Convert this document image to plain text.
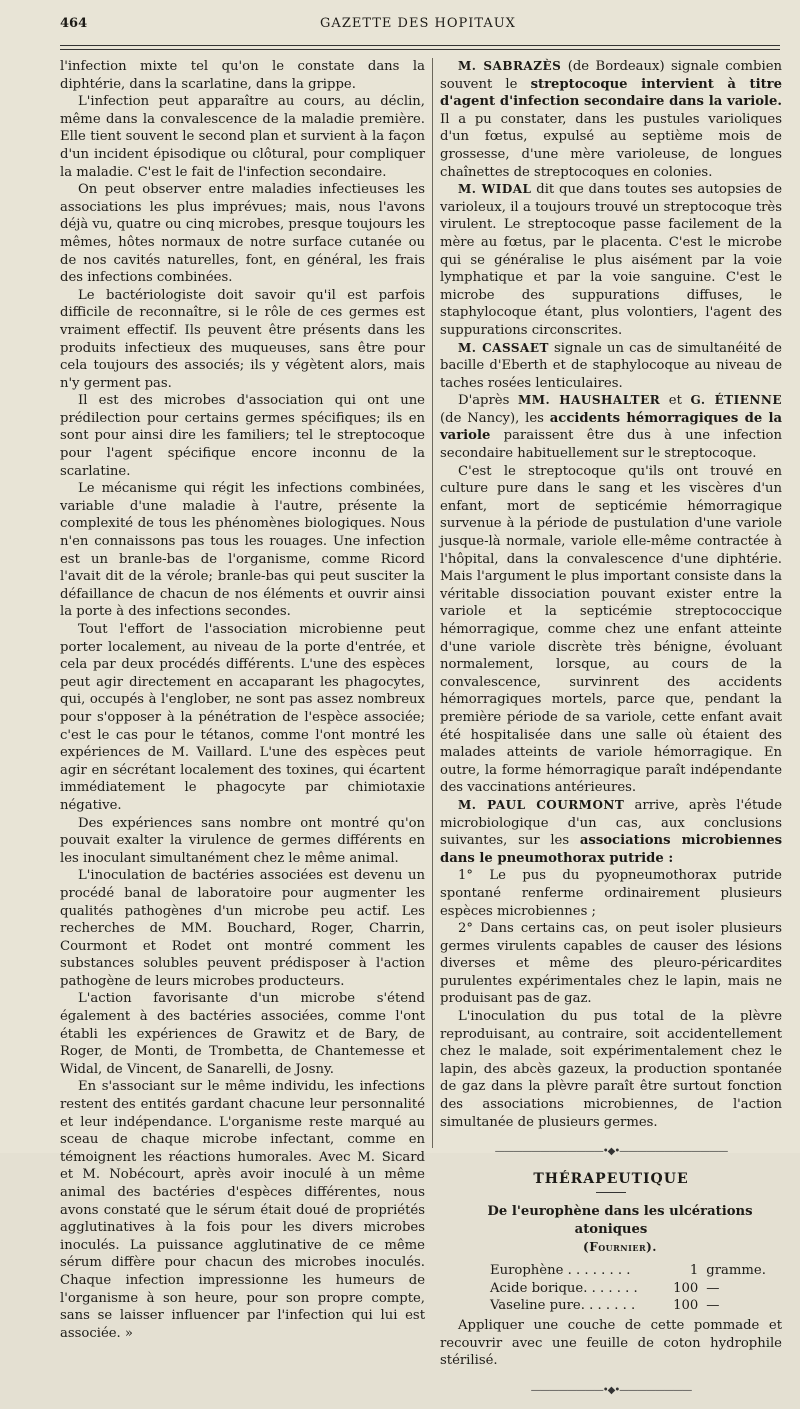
464	GAZETTE DES HOPITAUX

l'infection mixte tel qu'on le constate dans la diphtérie, dans la scarlatine, dans la grippe.

L'infection peut apparaître au cours, au déclin, même dans la convalescence de la maladie première. Elle tient souvent le second plan et survient à la façon d'un incident épisodique ou clôtural, pour compliquer la maladie. C'est le fait de l'infection secondaire.

On peut observer entre maladies infectieuses les associations les plus imprévues; mais, nous l'avons déjà vu, quatre ou cinq microbes, presque toujours les mêmes, hôtes normaux de notre surface cutanée ou de nos cavités naturelles, font, en général, les frais des infections combinées.

Le bactériologiste doit savoir qu'il est parfois difficile de reconnaître, si le rôle de ces germes est vraiment effectif. Ils peuvent être présents dans les produits infectieux des muqueuses, sans être pour cela toujours des associés; ils y végètent alors, mais n'y germent pas.

Il est des microbes d'association qui ont une prédilection pour certains germes spécifiques; ils en sont pour ainsi dire les familiers; tel le streptocoque pour l'agent spécifique encore inconnu de la scarlatine.

Le mécanisme qui régit les infections combinées, variable d'une maladie à l'autre, présente la complexité de tous les phénomènes biologiques. Nous n'en connaissons pas tous les rouages. Une infection est un branle-bas de l'organisme, comme Ricord l'avait dit de la vérole; branle-bas qui peut susciter la défaillance de chacun de nos éléments et ouvrir ainsi la porte à des infections secondes.

Tout l'effort de l'association microbienne peut porter localement, au niveau de la porte d'entrée, et cela par deux procédés différents. L'une des espèces peut agir directement en accaparant les phagocytes, qui, occupés à l'englober, ne sont pas assez nombreux pour s'opposer à la pénétration de l'espèce associée; c'est le cas pour le tétanos, comme l'ont montré les expériences de M. Vaillard. L'une des espèces peut agir en sécrétant localement des toxines, qui écartent immédiatement le phagocyte par chimiotaxie négative.

Des expériences sans nombre ont montré qu'on pouvait exalter la virulence de germes différents en les inoculant simultanément chez le même animal.

L'inoculation de bactéries associées est devenu un procédé banal de laboratoire pour augmenter les qualités pathogènes d'un microbe peu actif. Les recherches de MM. Bouchard, Roger, Charrin, Courmont et Rodet ont montré comment les substances solubles peuvent prédisposer à l'action pathogène de leurs microbes producteurs.

L'action favorisante d'un microbe s'étend également à des bactéries associées, comme l'ont établi les expériences de Grawitz et de Bary, de Roger, de Monti, de Trombetta, de Chantemesse et Widal, de Vincent, de Sanarelli, de Josny.

En s'associant sur le même individu, les infections restent des entités gardant chacune leur personnalité et leur indépendance. L'organisme reste marqué au sceau de chaque microbe infectant, comme en témoignent les réactions humorales. Avec M. Sicard et M. Nobécourt, après avoir inoculé à un même animal des bactéries d'espèces différentes, nous avons constaté que le sérum était doué de propriétés agglutinatives à la fois pour les divers microbes inoculés. La puissance agglutinative de ce même sérum diffère pour chacun des microbes inoculés. Chaque infection impressionne les humeurs de l'organisme à son heure, pour son propre compte, sans se laisser influencer par l'infection qui lui est associée. »

M. SABRAZÈS (de Bordeaux) signale combien souvent le streptocoque intervient à titre d'agent d'infection secondaire dans la variole. Il a pu constater, dans les pustules varioliques d'un fœtus, expulsé au septième mois de grossesse, d'une mère varioleuse, de longues chaînettes de streptocoques en colonies.

M. WIDAL dit que dans toutes ses autopsies de varioleux, il a toujours trouvé un streptocoque très virulent. Le streptocoque passe facilement de la mère au fœtus, par le placenta. C'est le microbe qui se généralise le plus aisément par la voie lymphatique et par la voie sanguine. C'est le microbe des suppurations diffuses, le staphylocoque étant, plus volontiers, l'agent des suppurations circonscrites.

M. CASSAET signale un cas de simultanéité de bacille d'Eberth et de staphylocoque au niveau de taches rosées lenticulaires.

D'après MM. HAUSHALTER et G. ÉTIENNE (de Nancy), les accidents hémorragiques de la variole paraissent être dus à une infection secondaire habituellement sur le streptocoque.

C'est le streptocoque qu'ils ont trouvé en culture pure dans le sang et les viscères d'un enfant, mort de septicémie hémorragique survenue à la période de pustulation d'une variole jusque-là normale, variole elle-même contractée à l'hôpital, dans la convalescence d'une diphtérie. Mais l'argument le plus important consiste dans la véritable dissociation pouvant exister entre la variole et la septicémie streptococcique hémorragique, comme chez une enfant atteinte d'une variole discrète très bénigne, évoluant normalement, lorsque, au cours de la convalescence, survinrent des accidents hémorragiques mortels, parce que, pendant la première période de sa variole, cette enfant avait été hospitalisée dans une salle où étaient des malades atteints de variole hémorragique. En outre, la forme hémorragique paraît indépendante des vaccinations antérieures.

M. PAUL COURMONT arrive, après l'étude microbiologique d'un cas, aux conclusions suivantes, sur les associations microbiennes dans le pneumothorax putride :

1° Le pus du pyopneumothorax putride spontané renferme ordinairement plusieurs espèces microbiennes ;

2° Dans certains cas, on peut isoler plusieurs germes virulents capables de causer des lésions diverses et même des pleuro-péricardites purulentes expérimentales chez le lapin, mais ne produisant pas de gaz.

L'inoculation du pus total de la plèvre reproduisant, au contraire, soit accidentellement chez le malade, soit expérimentalement chez le lapin, des abcès gazeux, la production spontanée de gaz dans la plèvre paraît être surtout fonction des associations microbiennes, de l'action simultanée de plusieurs germes.

————————————•◆•————————————
THÉRAPEUTIQUE

De l'europhène dans les ulcérations atoniques

(Fournier).

Europhène . . . . . . . .	1 gramme.
Acide borique. . . . . . .	100 —
Vaseline pure. . . . . . .	100 —

Appliquer une couche de cette pommade et recouvrir avec une feuille de coton hydrophile stérilisé.

————————•◆•————————
